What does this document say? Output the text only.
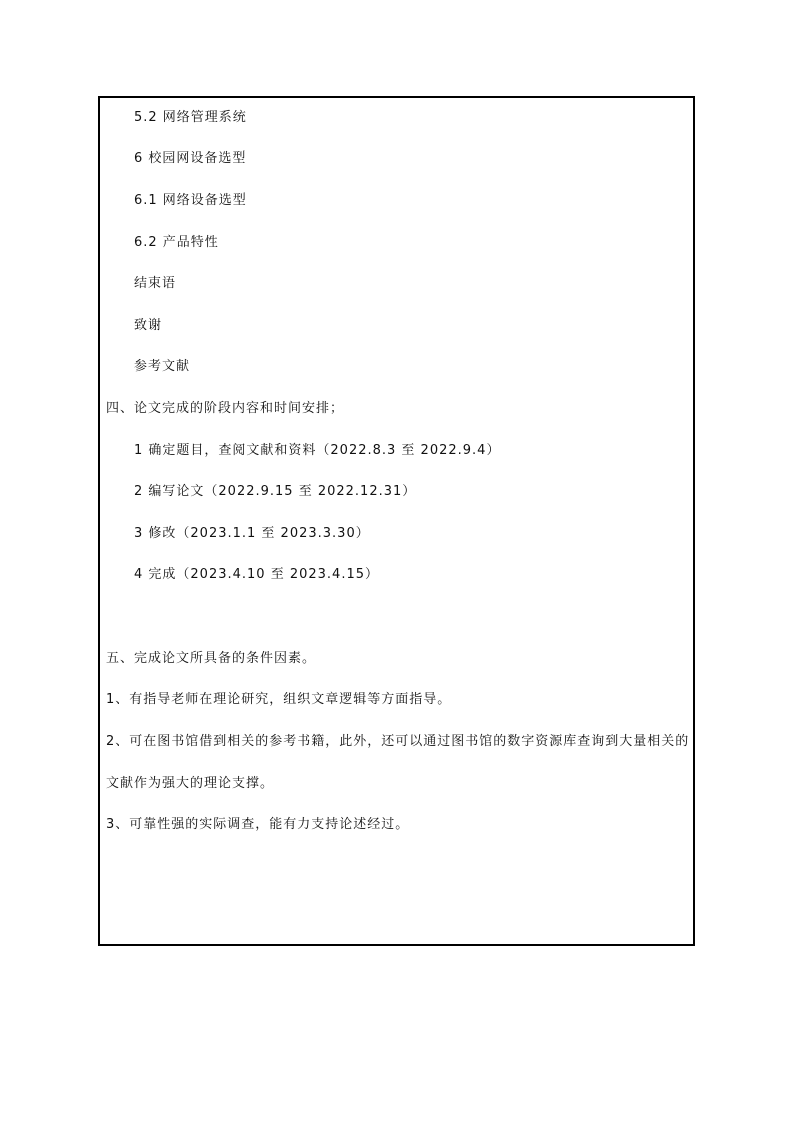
5.2 网络管理系统
6 校园网设备选型
6.1 网络设备选型
6.2 产品特性
结束语
致谢
参考文献
四、论文完成的阶段内容和时间安排；
1 确定题目，查阅文献和资料（2022.8.3 至 2022.9.4）
2 编写论文（2022.9.15 至 2022.12.31）
3 修改（2023.1.1 至 2023.3.30）
4 完成（2023.4.10 至 2023.4.15）
五、完成论文所具备的条件因素。
1、有指导老师在理论研究，组织文章逻辑等方面指导。
2、可在图书馆借到相关的参考书籍，此外，还可以通过图书馆的数字资源库查询到大量相关的
文献作为强大的理论支撑。
3、可靠性强的实际调查，能有力支持论述经过。
